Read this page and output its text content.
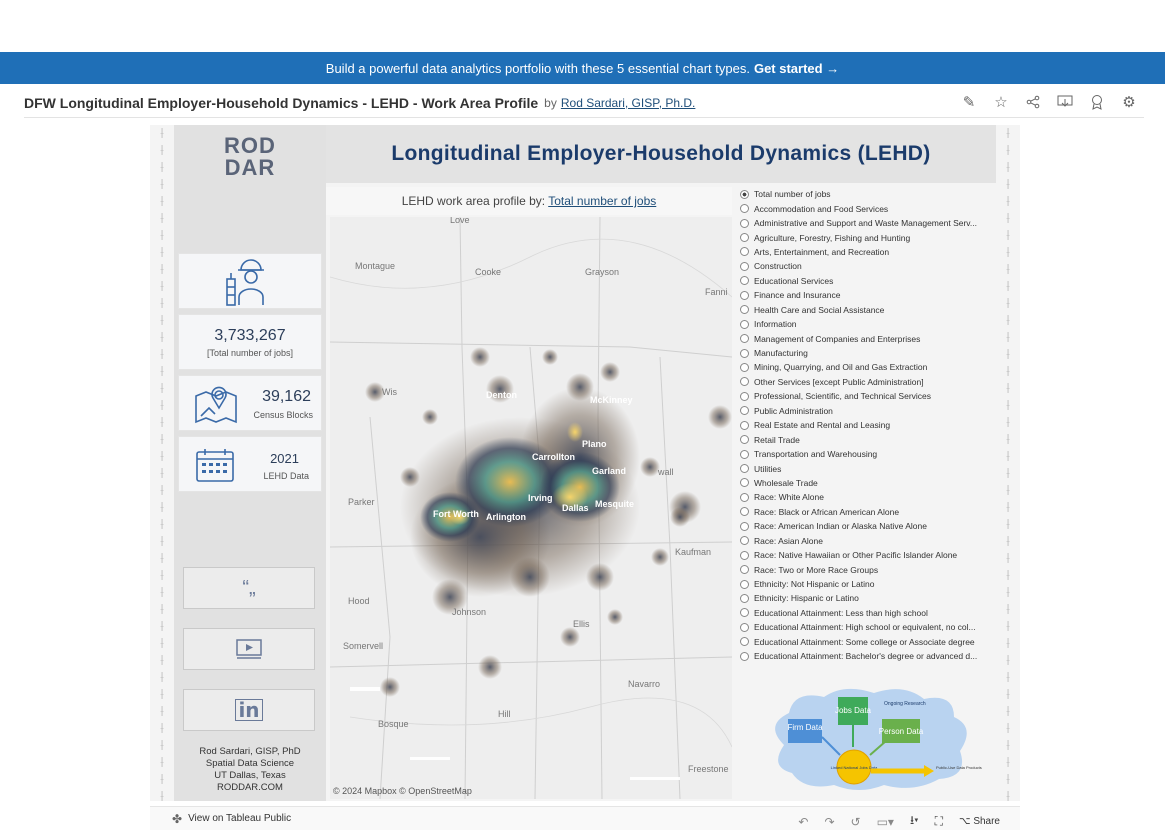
Build a powerful data analytics portfolio with these 5 essential chart types. Get started →
DFW Longitudinal Employer-Household Dynamics - LEHD - Work Area Profile by Rod Sardari, GISP, Ph.D.	✎ ☆	⚙
⟊
⟊
⟊
⟊
⟊
⟊
⟊
⟊
⟊
⟊
⟊
⟊
⟊
⟊
⟊
⟊
⟊
⟊
⟊
⟊
⟊
⟊
⟊
⟊
⟊
⟊
⟊
⟊
⟊
⟊
⟊
⟊
⟊
⟊
⟊
⟊
⟊
⟊
⟊
⟊
⟊
⟊
⟊
⟊
⟊
⟊
⟊
⟊
⟊
⟊
⟊
⟊
⟊
⟊
⟊
⟊
⟊
⟊
⟊
⟊
⟊
⟊
⟊
⟊
⟊
⟊
⟊
⟊
⟊
⟊
⟊
⟊
⟊
⟊
⟊
⟊
⟊
⟊
⟊
⟊
ROD
DAR
3,733,267
[Total number of jobs]
39,162
Census Blocks
2021
LEHD Data
“„
in
Rod Sardari, GISP, PhD
Spatial Data Science
UT Dallas, Texas
RODDAR.COM
Longitudinal Employer-Household Dynamics (LEHD)
LEHD work area profile by: Total number of jobs
Love
Montague
Cooke	Grayson
Fanni
Wis
Parker
wall
Kaufman
Hood
Johnson
Ellis
Somervell
Navarro
Hill
Bosque
Freestone
Denton	McKinney
Plano
Carrollton
Garland
Fort Worth
Irving
Arlington
Dallas Mesquite
© 2024 Mapbox © OpenStreetMap
Total number of jobs
Accommodation and Food Services
Administrative and Support and Waste Management Serv...
Agriculture, Forestry, Fishing and Hunting
Arts, Entertainment, and Recreation
Construction
Educational Services
Finance and Insurance
Health Care and Social Assistance
Information
Management of Companies and Enterprises
Manufacturing
Mining, Quarrying, and Oil and Gas Extraction
Other Services [except Public Administration]
Professional, Scientific, and Technical Services
Public Administration
Real Estate and Rental and Leasing
Retail Trade
Transportation and Warehousing
Utilities
Wholesale Trade
Race: White Alone
Race: Black or African American Alone
Race: American Indian or Alaska Native Alone
Race: Asian Alone
Race: Native Hawaiian or Other Pacific Islander Alone
Race: Two or More Race Groups
Ethnicity: Not Hispanic or Latino
Ethnicity: Hispanic or Latino
Educational Attainment: Less than high school
Educational Attainment: High school or equivalent, no col...
Educational Attainment: Some college or Associate degree
Educational Attainment: Bachelor's degree or advanced d...
Firm Data
Jobs Data
Person Data
Ongoing Research
Linked National Jobs Data	Public-Use Data Products
✤ View on Tableau Public	↶ ↷ ↺ ▭▾ ⭳▾ ⛶ ⌥ Share
